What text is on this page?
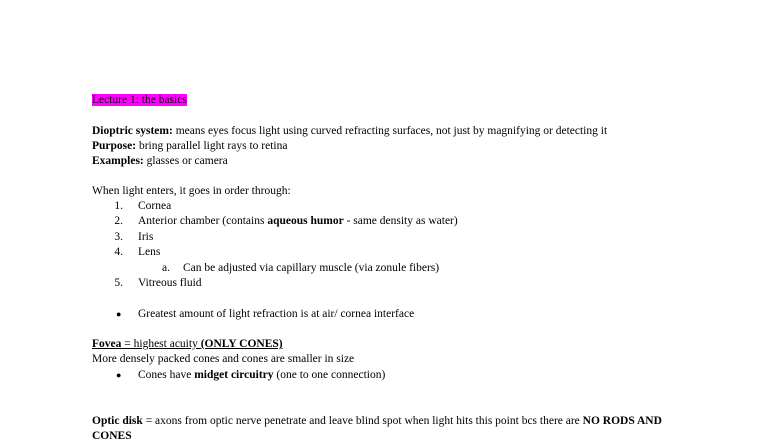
Lecture 1: the basics
Dioptric system: means eyes focus light using curved refracting surfaces, not just by magnifying or detecting it
Purpose: bring parallel light rays to retina
Examples: glasses or camera
When light enters, it goes in order through:
1. Cornea
2. Anterior chamber (contains aqueous humor - same density as water)
3. Iris
4. Lens
a. Can be adjusted via capillary muscle (via zonule fibers)
5. Vitreous fluid
● Greatest amount of light refraction is at air/ cornea interface
Fovea = highest acuity (ONLY CONES)
More densely packed cones and cones are smaller in size
● Cones have midget circuitry (one to one connection)
Optic disk = axons from optic nerve penetrate and leave blind spot when light hits this point bcs there are NO RODS AND
CONES
